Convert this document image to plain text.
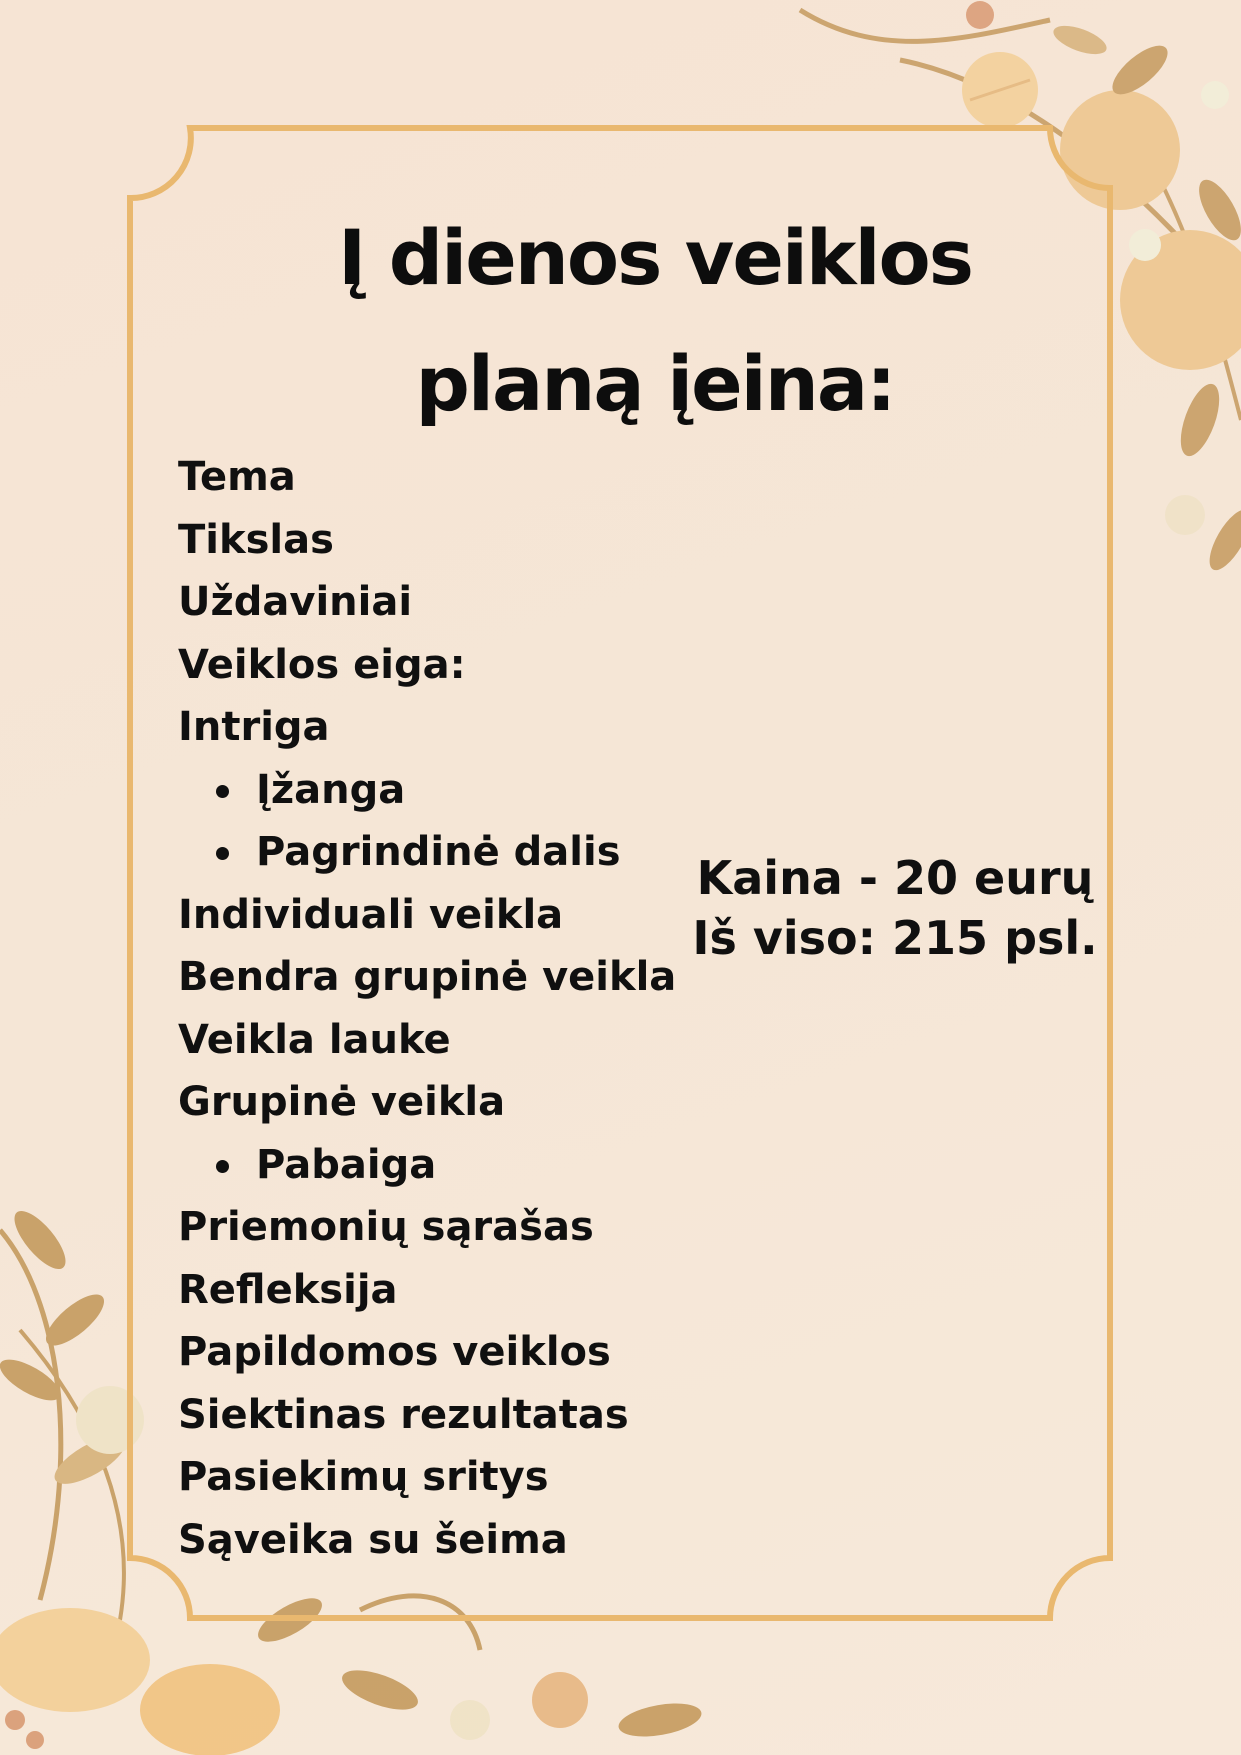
Į dienos veiklos
planą įeina:
Tema
Tikslas
Uždaviniai
Veiklos eiga:
Intriga
Įžanga
Pagrindinė dalis
Individuali veikla
Bendra grupinė veikla
Veikla lauke
Grupinė veikla
Pabaiga
Priemonių sąrašas
Refleksija
Papildomos veiklos
Siektinas rezultatas
Pasiekimų sritys
Sąveika su šeima
Kaina - 20 eurų
Iš viso: 215 psl.
